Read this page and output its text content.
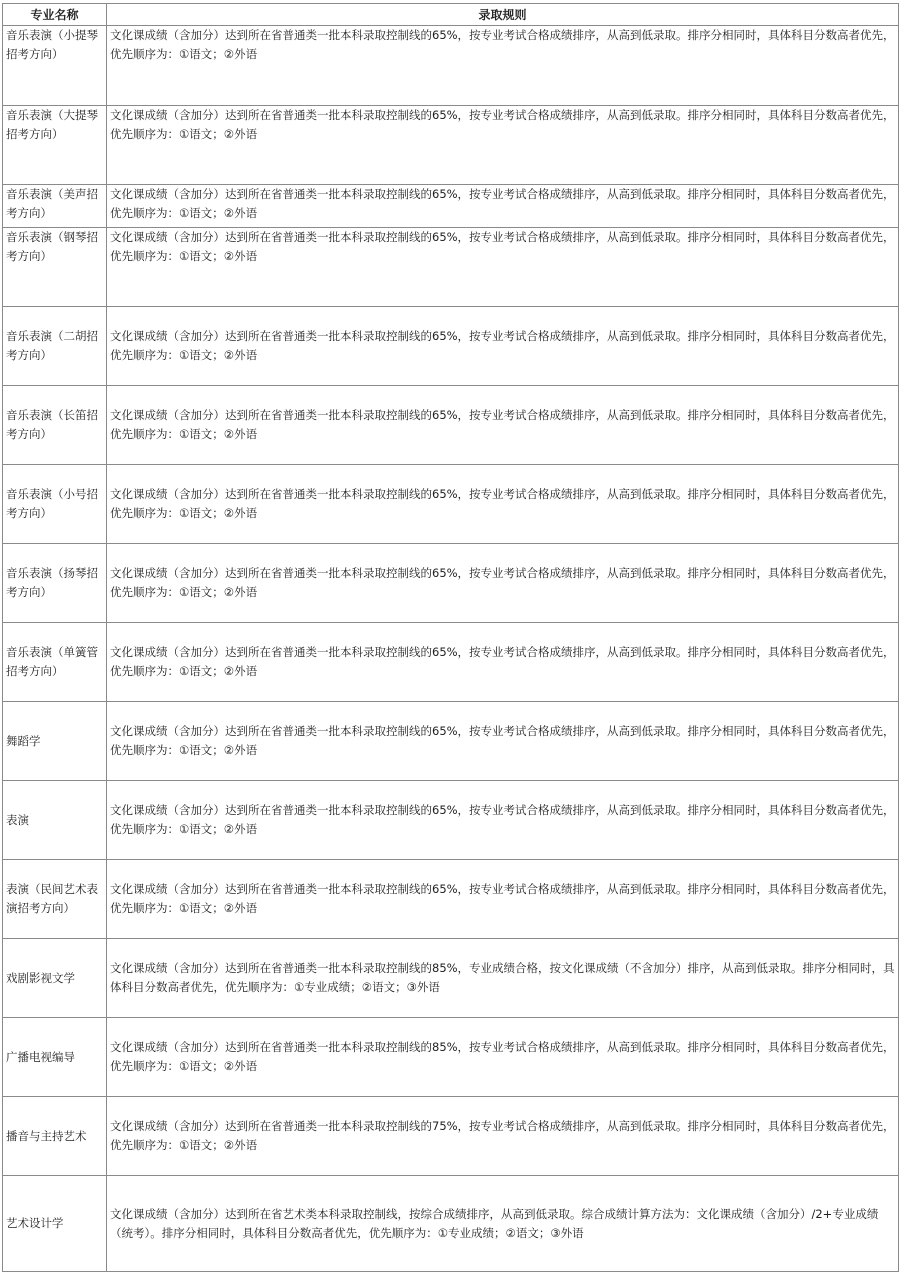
专业名称	录取规则
音乐表演（小提琴招考方向）	文化课成绩（含加分）达到所在省普通类一批本科录取控制线的65%，按专业考试合格成绩排序，从高到低录取。排序分相同时，具体科目分数高者优先，优先顺序为：①语文；②外语
音乐表演（大提琴招考方向）	文化课成绩（含加分）达到所在省普通类一批本科录取控制线的65%，按专业考试合格成绩排序，从高到低录取。排序分相同时，具体科目分数高者优先，优先顺序为：①语文；②外语
音乐表演（美声招考方向）	文化课成绩（含加分）达到所在省普通类一批本科录取控制线的65%，按专业考试合格成绩排序，从高到低录取。排序分相同时，具体科目分数高者优先，优先顺序为：①语文；②外语
音乐表演（钢琴招考方向）	文化课成绩（含加分）达到所在省普通类一批本科录取控制线的65%，按专业考试合格成绩排序，从高到低录取。排序分相同时，具体科目分数高者优先，优先顺序为：①语文；②外语
音乐表演（二胡招考方向）	文化课成绩（含加分）达到所在省普通类一批本科录取控制线的65%，按专业考试合格成绩排序，从高到低录取。排序分相同时，具体科目分数高者优先，优先顺序为：①语文；②外语
音乐表演（长笛招考方向）	文化课成绩（含加分）达到所在省普通类一批本科录取控制线的65%，按专业考试合格成绩排序，从高到低录取。排序分相同时，具体科目分数高者优先，优先顺序为：①语文；②外语
音乐表演（小号招考方向）	文化课成绩（含加分）达到所在省普通类一批本科录取控制线的65%，按专业考试合格成绩排序，从高到低录取。排序分相同时，具体科目分数高者优先，优先顺序为：①语文；②外语
音乐表演（扬琴招考方向）	文化课成绩（含加分）达到所在省普通类一批本科录取控制线的65%，按专业考试合格成绩排序，从高到低录取。排序分相同时，具体科目分数高者优先，优先顺序为：①语文；②外语
音乐表演（单簧管招考方向）	文化课成绩（含加分）达到所在省普通类一批本科录取控制线的65%，按专业考试合格成绩排序，从高到低录取。排序分相同时，具体科目分数高者优先，优先顺序为：①语文；②外语
舞蹈学	文化课成绩（含加分）达到所在省普通类一批本科录取控制线的65%，按专业考试合格成绩排序，从高到低录取。排序分相同时，具体科目分数高者优先，优先顺序为：①语文；②外语
表演	文化课成绩（含加分）达到所在省普通类一批本科录取控制线的65%，按专业考试合格成绩排序，从高到低录取。排序分相同时，具体科目分数高者优先，优先顺序为：①语文；②外语
表演（民间艺术表演招考方向）	文化课成绩（含加分）达到所在省普通类一批本科录取控制线的65%，按专业考试合格成绩排序，从高到低录取。排序分相同时，具体科目分数高者优先，优先顺序为：①语文；②外语
戏剧影视文学	文化课成绩（含加分）达到所在省普通类一批本科录取控制线的85%，专业成绩合格，按文化课成绩（不含加分）排序，从高到低录取。排序分相同时，具体科目分数高者优先，优先顺序为：①专业成绩；②语文；③外语
广播电视编导	文化课成绩（含加分）达到所在省普通类一批本科录取控制线的85%，按专业考试合格成绩排序，从高到低录取。排序分相同时，具体科目分数高者优先，优先顺序为：①语文；②外语
播音与主持艺术	文化课成绩（含加分）达到所在省普通类一批本科录取控制线的75%，按专业考试合格成绩排序，从高到低录取。排序分相同时，具体科目分数高者优先，优先顺序为：①语文；②外语
艺术设计学	文化课成绩（含加分）达到所在省艺术类本科录取控制线，按综合成绩排序，从高到低录取。综合成绩计算方法为：文化课成绩（含加分）/2+专业成绩（统考）。排序分相同时，具体科目分数高者优先，优先顺序为：①专业成绩；②语文；③外语
